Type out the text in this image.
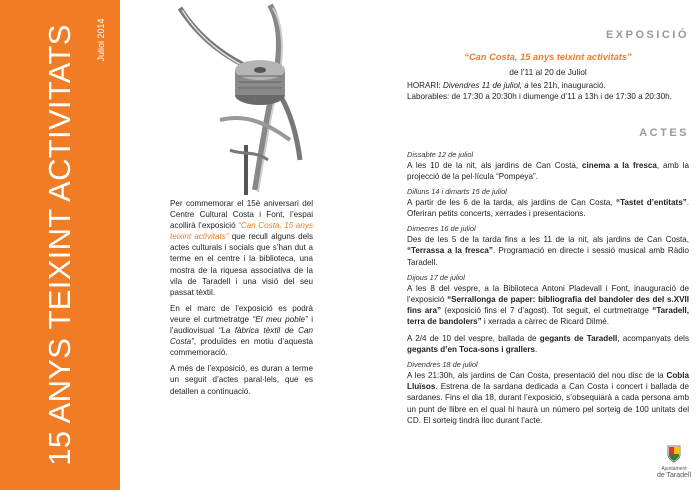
15 ANYS TEIXINT ACTIVITATS Juliol 2014

Per commemorar el 15è aniversari del Centre Cultural Costa i Font, l’espai acollirà l’exposició “Can Costa, 15 anys teixint activitats” que recull alguns dels actes culturals i socials que s’han dut a terme en el centre i la biblioteca, una mostra de la riquesa associativa de la vila de Taradell i una visió del seu passat tèxtil.

En el marc de l’exposició es podrà veure el curtmetratge “El meu poble” i l’audiovisual “La fàbrica tèxtil de Can Costa”, produïdes en motiu d’aquesta commemoració.

A més de l’exposició, es duran a terme un seguit d’actes paral·lels, que es detallen a continuació.

EXPOSICIÓ
“Can Costa, 15 anys teixint activitats”
de l’11 al 20 de Juliol
HORARI: Divendres 11 de juliol, a les 21h, inauguració.
Laborables: de 17:30 a 20:30h i diumenge d’11 a 13h i de 17:30 a 20:30h.
ACTES
Dissabte 12 de juliol
A les 10 de la nit, als jardins de Can Costa, cinema a la fresca, amb la projecció de la pel·lícula “Pompeya”.
Dilluns 14 i dimarts 15 de juliol
A partir de les 6 de la tarda, als jardins de Can Costa, “Tastet d’entitats”. Oferiran petits concerts, xerrades i presentacions.
Dimecres 16 de juliol
Des de les 5 de la tarda fins a les 11 de la nit, als jardins de Can Costa, “Terrassa a la fresca”. Programació en directe i sessió musical amb Ràdio Taradell.
Dijous 17 de juliol
A les 8 del vespre, a la Biblioteca Antoni Pladevall i Font, inauguració de l’exposició “Serrallonga de paper: bibliografia del bandoler des del s.XVII fins ara” (exposició fins el 7 d’agost). Tot seguit, el curtmetratge “Taradell, terra de bandolers” i xerrada a càrrec de Ricard Dilmé.
A 2/4 de 10 del vespre, ballada de gegants de Taradell, acompanyats dels gegants d’en Toca-sons i grallers.
Divendres 18 de juliol
A les 21:30h, als jardins de Can Costa, presentació del nou disc de la Cobla Lluïsos. Estrena de la sardana dedicada a Can Costa i concert i ballada de sardanes. Fins el dia 18, durant l’exposició, s’obsequiarà a cada persona amb un punt de llibre en el qual hi haurà un número pel sorteig de 100 unitats del CD. El sorteig tindrà lloc durant l’acte.
Ajuntament
de Taradell
